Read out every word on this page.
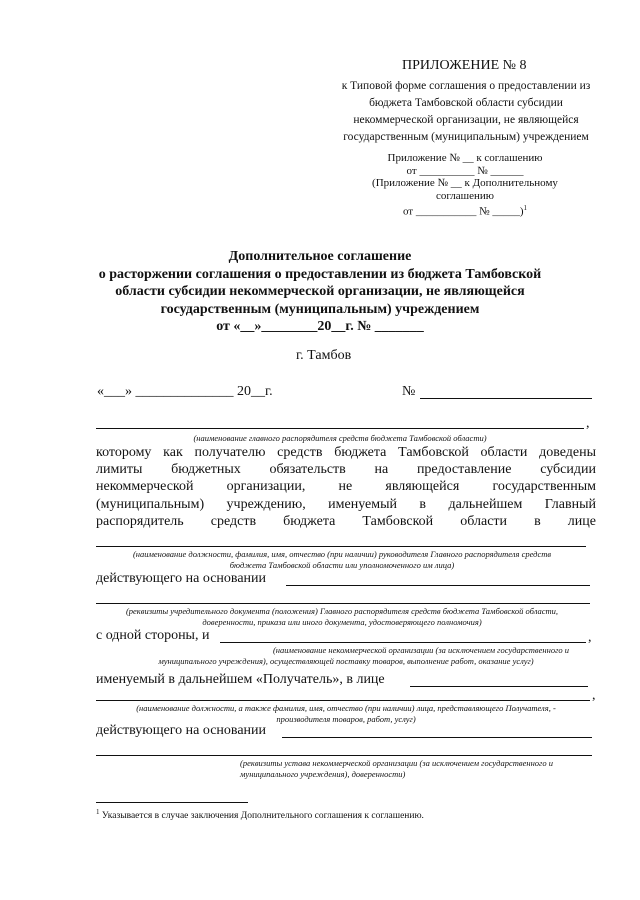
ПРИЛОЖЕНИЕ № 8
к Типовой форме соглашения о предоставлении из
бюджета Тамбовской области субсидии
некоммерческой организации, не являющейся
государственным (муниципальным) учреждением
Приложение № __ к соглашению
от __________ № ______
(Приложение № __ к Дополнительному
соглашению
от ___________ № _____)$^1$
Дополнительное соглашение
о расторжении соглашения о предоставлении из бюджета Тамбовской
области субсидии некоммерческой организации, не являющейся
государственным (муниципальным) учреждением
от «__»________20__г. № _______
г. Тамбов
«___» ______________ 20__г.	№
,
(наименование главного распорядителя средств бюджета Тамбовской области)
которому как получателю средств бюджета Тамбовской области доведены
лимиты бюджетных обязательств на предоставление субсидии
некоммерческой организации, не являющейся государственным
(муниципальным) учреждению, именуемый в дальнейшем Главный
распорядитель средств бюджета Тамбовской области в лице
(наименование должности, фамилия, имя, отчество (при наличии) руководителя Главного распорядителя средств
бюджета Тамбовской области или уполномоченного им лица)
действующего на основании
(реквизиты учредительного документа (положения) Главного распорядителя средств бюджета Тамбовской области,
доверенности, приказа или иного документа, удостоверяющего полномочия)
с одной стороны, и	,
(наименование некоммерческой организации (за исключением государственного и
муниципального учреждения), осуществляющей поставку товаров, выполнение работ, оказание услуг)
именуемый в дальнейшем «Получатель», в лице
,
(наименование должности, а также фамилия, имя, отчество (при наличии) лица, представляющего Получателя, -
производителя товаров, работ, услуг)
действующего на основании
(реквизиты устава некоммерческой организации (за исключением государственного и
муниципального учреждения), доверенности)
$^1$ Указывается в случае заключения Дополнительного соглашения к соглашению.
